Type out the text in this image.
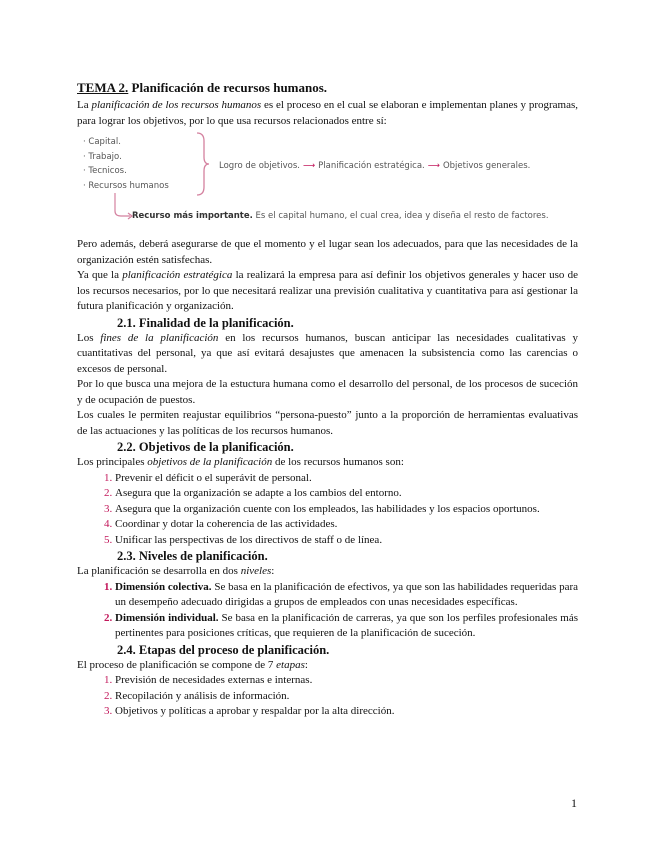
TEMA 2. Planificación de recursos humanos.

La planificación de los recursos humanos es el proceso en el cual se elaboran e implementan planes y programas, para lograr los objetivos, por lo que usa recursos relacionados entre sí:

· Capital.
· Trabajo.
· Tecnicos.
· Recursos humanos
Logro de objetivos. ⟶ Planificación estratégica. ⟶ Objetivos generales.
Recurso más importante. Es el capital humano, el cual crea, idea y diseña el resto de factores.

Pero además, deberá asegurarse de que el momento y el lugar sean los adecuados, para que las necesidades de la organización estén satisfechas.

Ya que la planificación estratégica la realizará la empresa para así definir los objetivos generales y hacer uso de los recursos necesarios, por lo que necesitará realizar una previsión cualitativa y cuantitativa para así gestionar la futura planificación y organización.

2.1. Finalidad de la planificación.

Los fines de la planificación en los recursos humanos, buscan anticipar las necesidades cualitativas y cuantitativas del personal, ya que así evitará desajustes que amenacen la subsistencia como las carencias o excesos de personal.

Por lo que busca una mejora de la estuctura humana como el desarrollo del personal, de los procesos de suceción y de ocupación de puestos.

Los cuales le permiten reajustar equilibrios “persona-puesto” junto a la proporción de herramientas evaluativas de las actuaciones y las políticas de los recursos humanos.

2.2. Objetivos de la planificación.

Los principales objetivos de la planificación de los recursos humanos son:

1. Prevenir el déficit o el superávit de personal.
2. Asegura que la organización se adapte a los cambios del entorno.
3. Asegura que la organización cuente con los empleados, las habilidades y los espacios oportunos.
4. Coordinar y dotar la coherencia de las actividades.
5. Unificar las perspectivas de los directivos de staff o de línea.
2.3. Niveles de planificación.

La planificación se desarrolla en dos niveles:

1. Dimensión colectiva. Se basa en la planificación de efectivos, ya que son las habilidades requeridas para un desempeño adecuado dirigidas a grupos de empleados con unas necesidades específicas.
2. Dimensión individual. Se basa en la planificación de carreras, ya que son los perfiles profesionales más pertinentes para posiciones críticas, que requieren de la planificación de suceción.
2.4. Etapas del proceso de planificación.

El proceso de planificación se compone de 7 etapas:

1. Previsión de necesidades externas e internas.
2. Recopilación y análisis de información.
3. Objetivos y políticas a aprobar y respaldar por la alta dirección.
1
